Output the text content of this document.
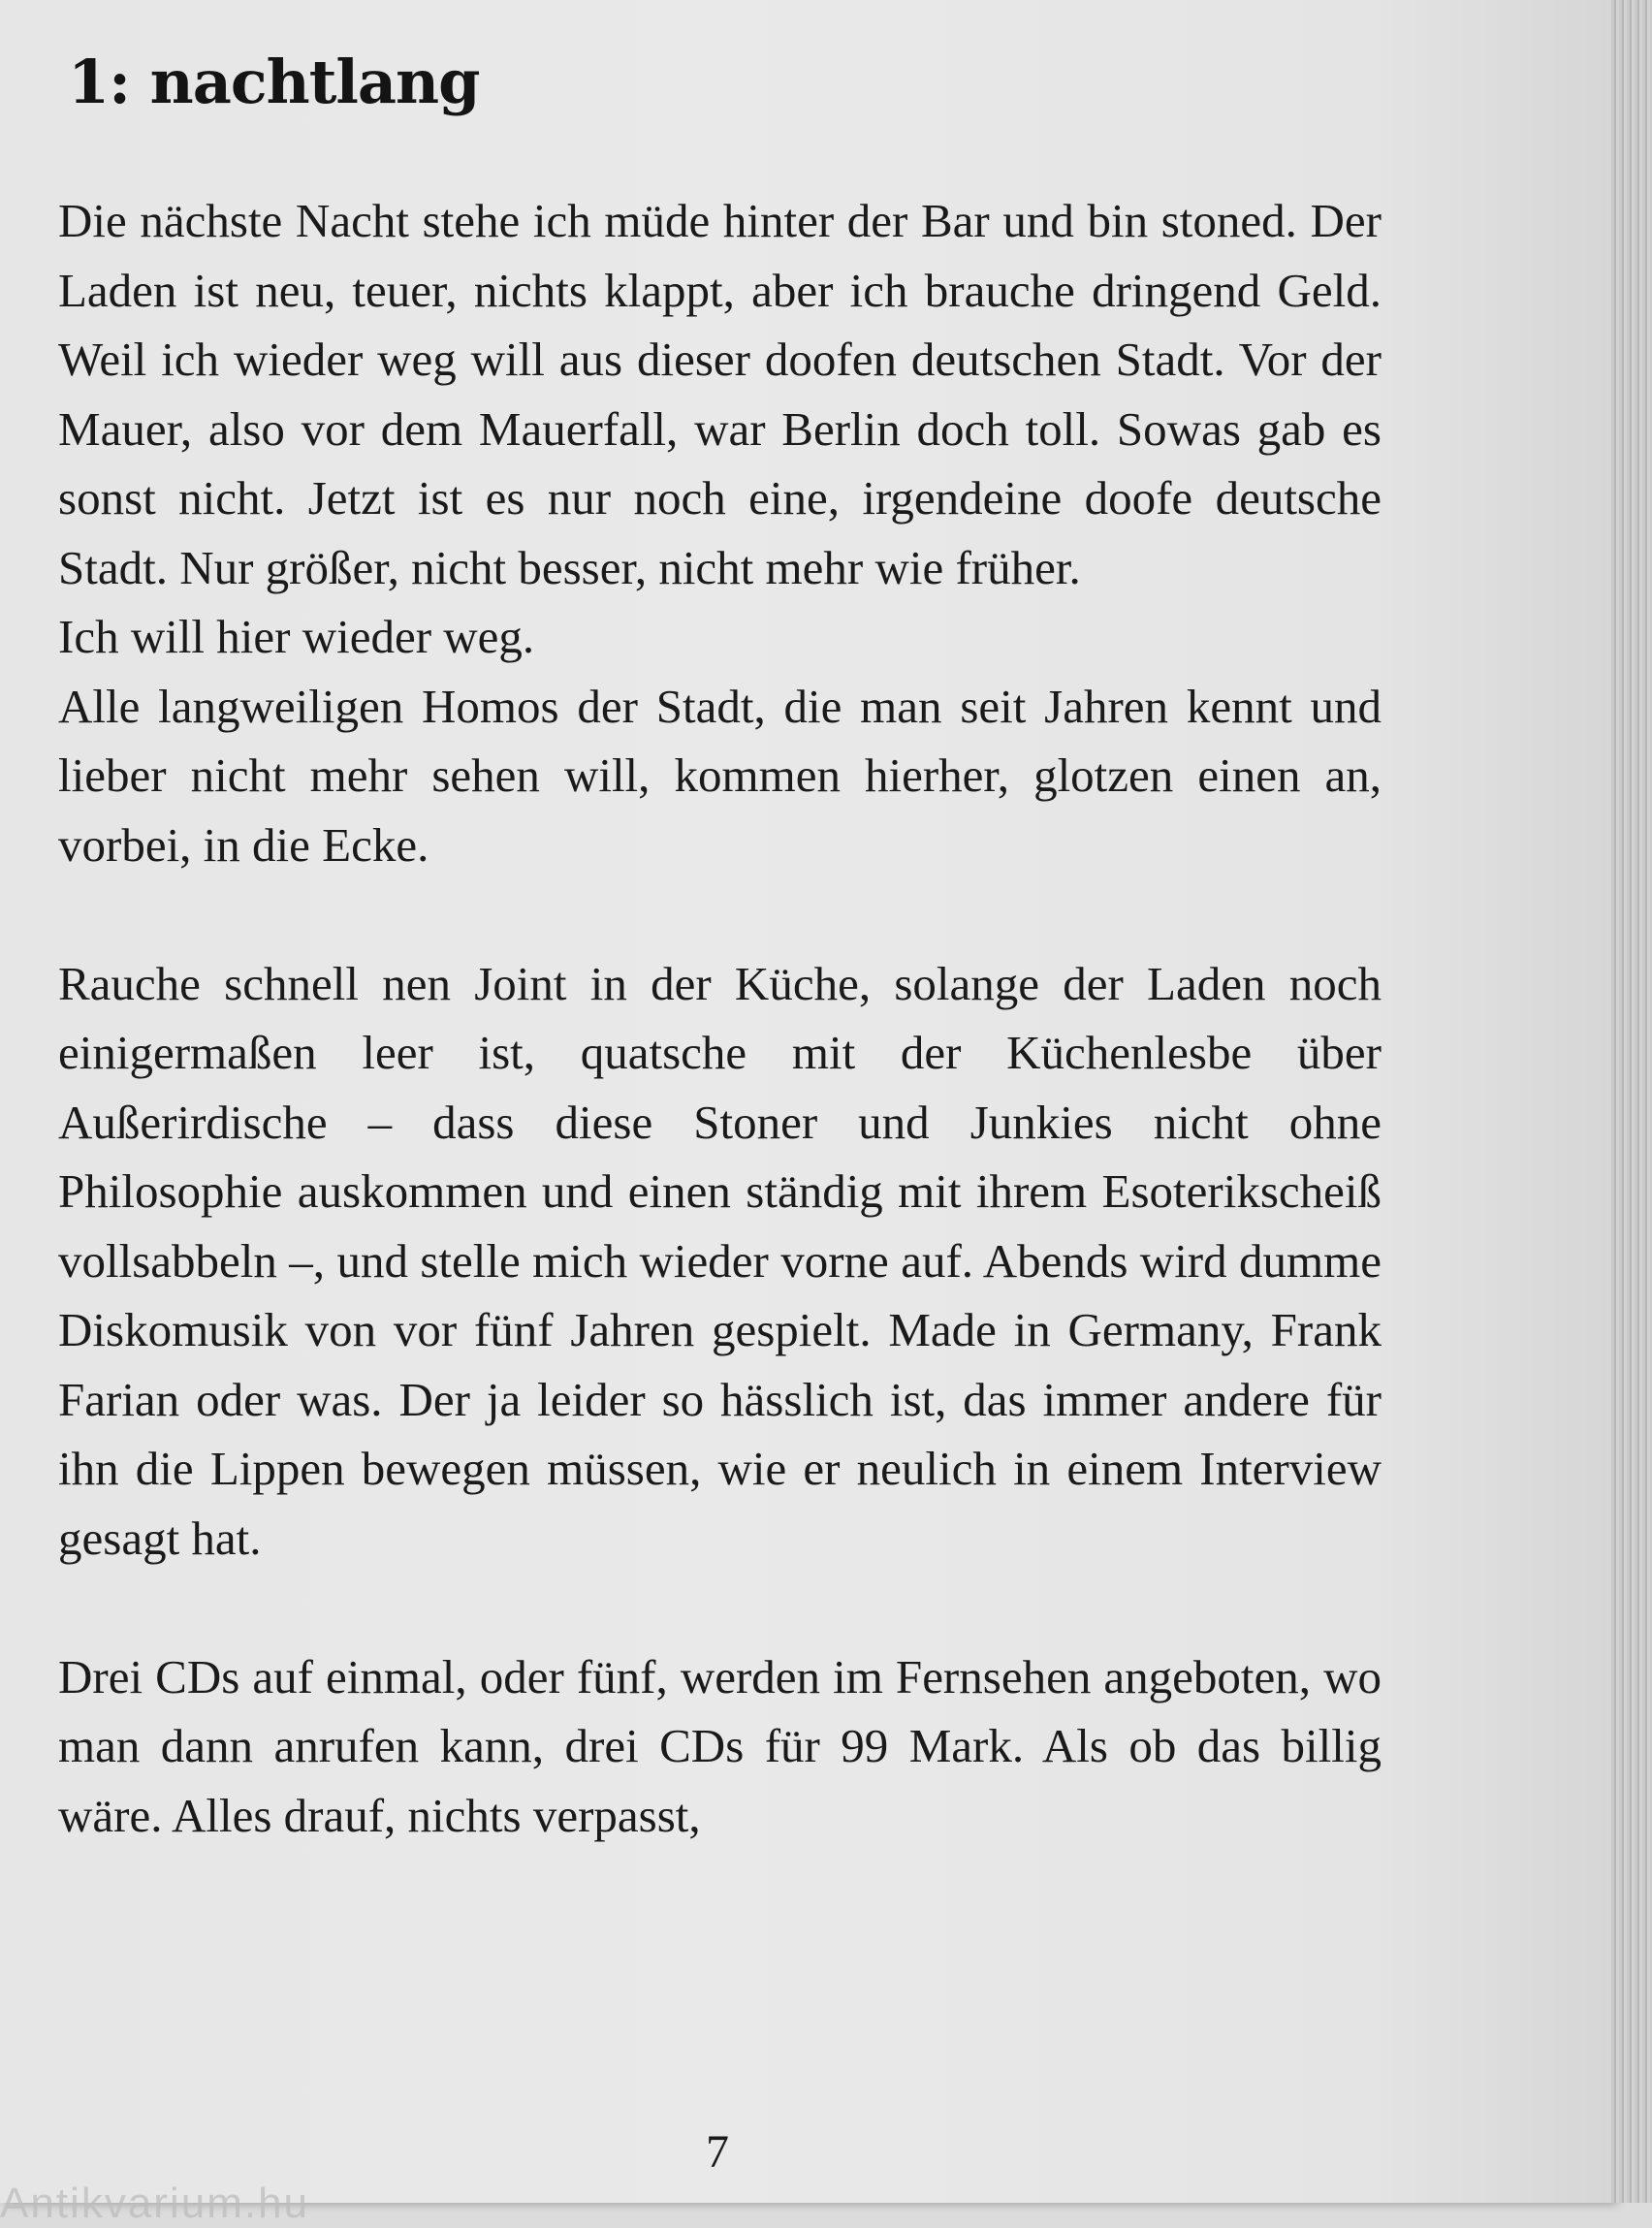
1: nachtlang

Die nächste Nacht stehe ich müde hinter der Bar und bin stoned. Der Laden ist neu, teuer, nichts klappt, aber ich brauche dringend Geld. Weil ich wieder weg will aus dieser doofen deutschen Stadt. Vor der Mauer, also vor dem Mauerfall, war Berlin doch toll. Sowas gab es sonst nicht. Jetzt ist es nur noch eine, irgendeine doofe deutsche Stadt. Nur größer, nicht besser, nicht mehr wie früher.

Ich will hier wieder weg.

Alle langweiligen Homos der Stadt, die man seit Jahren kennt und lieber nicht mehr sehen will, kommen hierher, glotzen einen an, vorbei, in die Ecke.

Rauche schnell nen Joint in der Küche, solange der Laden noch einigermaßen leer ist, quatsche mit der Küchenlesbe über Außerirdische – dass diese Stoner und Junkies nicht ohne Philosophie auskommen und einen ständig mit ihrem Esoterikscheiß vollsabbeln –, und stelle mich wieder vorne auf. Abends wird dumme Diskomusik von vor fünf Jahren gespielt. Made in Germany, Frank Farian oder was. Der ja leider so hässlich ist, das immer andere für ihn die Lippen bewegen müssen, wie er neulich in einem Interview gesagt hat.

Drei CDs auf einmal, oder fünf, werden im Fernsehen angeboten, wo man dann anrufen kann, drei CDs für 99 Mark. Als ob das billig wäre. Alles drauf, nichts verpasst,

7
Antikvarium.hu
